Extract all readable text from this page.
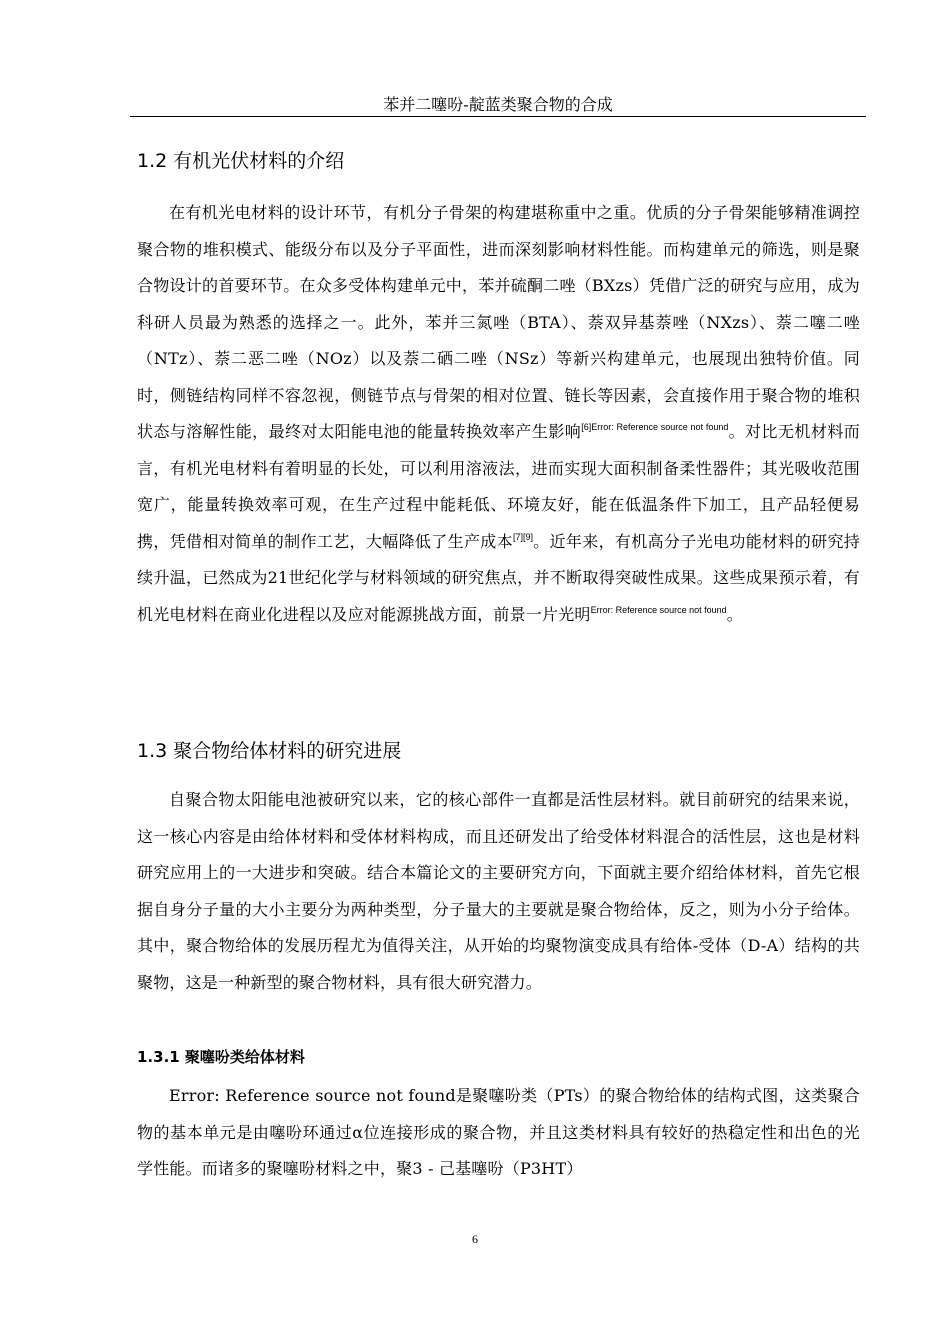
苯并二噻吩-靛蓝类聚合物的合成
1.2 有机光伏材料的介绍

在有机光电材料的设计环节，有机分子骨架的构建堪称重中之重。优质的分子骨架能够精准调控聚合物的堆积模式、能级分布以及分子平面性，进而深刻影响材料性能。而构建单元的筛选，则是聚合物设计的首要环节。在众多受体构建单元中，苯并硫酮二唑（BXzs）凭借广泛的研究与应用，成为科研人员最为熟悉的选择之一。此外，苯并三氮唑（BTA）、萘双异基萘唑（NXzs）、萘二噻二唑（NTz）、萘二恶二唑（NOz）以及萘二硒二唑（NSz）等新兴构建单元，也展现出独特价值。同时，侧链结构同样不容忽视，侧链节点与骨架的相对位置、链长等因素，会直接作用于聚合物的堆积状态与溶解性能，最终对太阳能电池的能量转换效率产生影响$^{[6]Error: Reference source not found}$。对比无机材料而言，有机光电材料有着明显的长处，可以利用溶液法，进而实现大面积制备柔性器件；其光吸收范围宽广，能量转换效率可观，在生产过程中能耗低、环境友好，能在低温条件下加工，且产品轻便易携，凭借相对简单的制作工艺，大幅降低了生产成本[7][9]。近年来，有机高分子光电功能材料的研究持续升温，已然成为21世纪化学与材料领域的研究焦点，并不断取得突破性成果。这些成果预示着，有机光电材料在商业化进程以及应对能源挑战方面，前景一片光明$^{Error: Reference source not found}$。

1.3 聚合物给体材料的研究进展

自聚合物太阳能电池被研究以来，它的核心部件一直都是活性层材料。就目前研究的结果来说，这一核心内容是由给体材料和受体材料构成，而且还研发出了给受体材料混合的活性层，这也是材料研究应用上的一大进步和突破。结合本篇论文的主要研究方向，下面就主要介绍给体材料，首先它根据自身分子量的大小主要分为两种类型，分子量大的主要就是聚合物给体，反之，则为小分子给体。其中，聚合物给体的发展历程尤为值得关注，从开始的均聚物演变成具有给体-受体（D-A）结构的共聚物，这是一种新型的聚合物材料，具有很大研究潜力。

1.3.1 聚噻吩类给体材料

Error: Reference source not found是聚噻吩类（PTs）的聚合物给体的结构式图，这类聚合物的基本单元是由噻吩环通过α位连接形成的聚合物，并且这类材料具有较好的热稳定性和出色的光学性能。而诸多的聚噻吩材料之中，聚3 - 己基噻吩（P3HT）

6
